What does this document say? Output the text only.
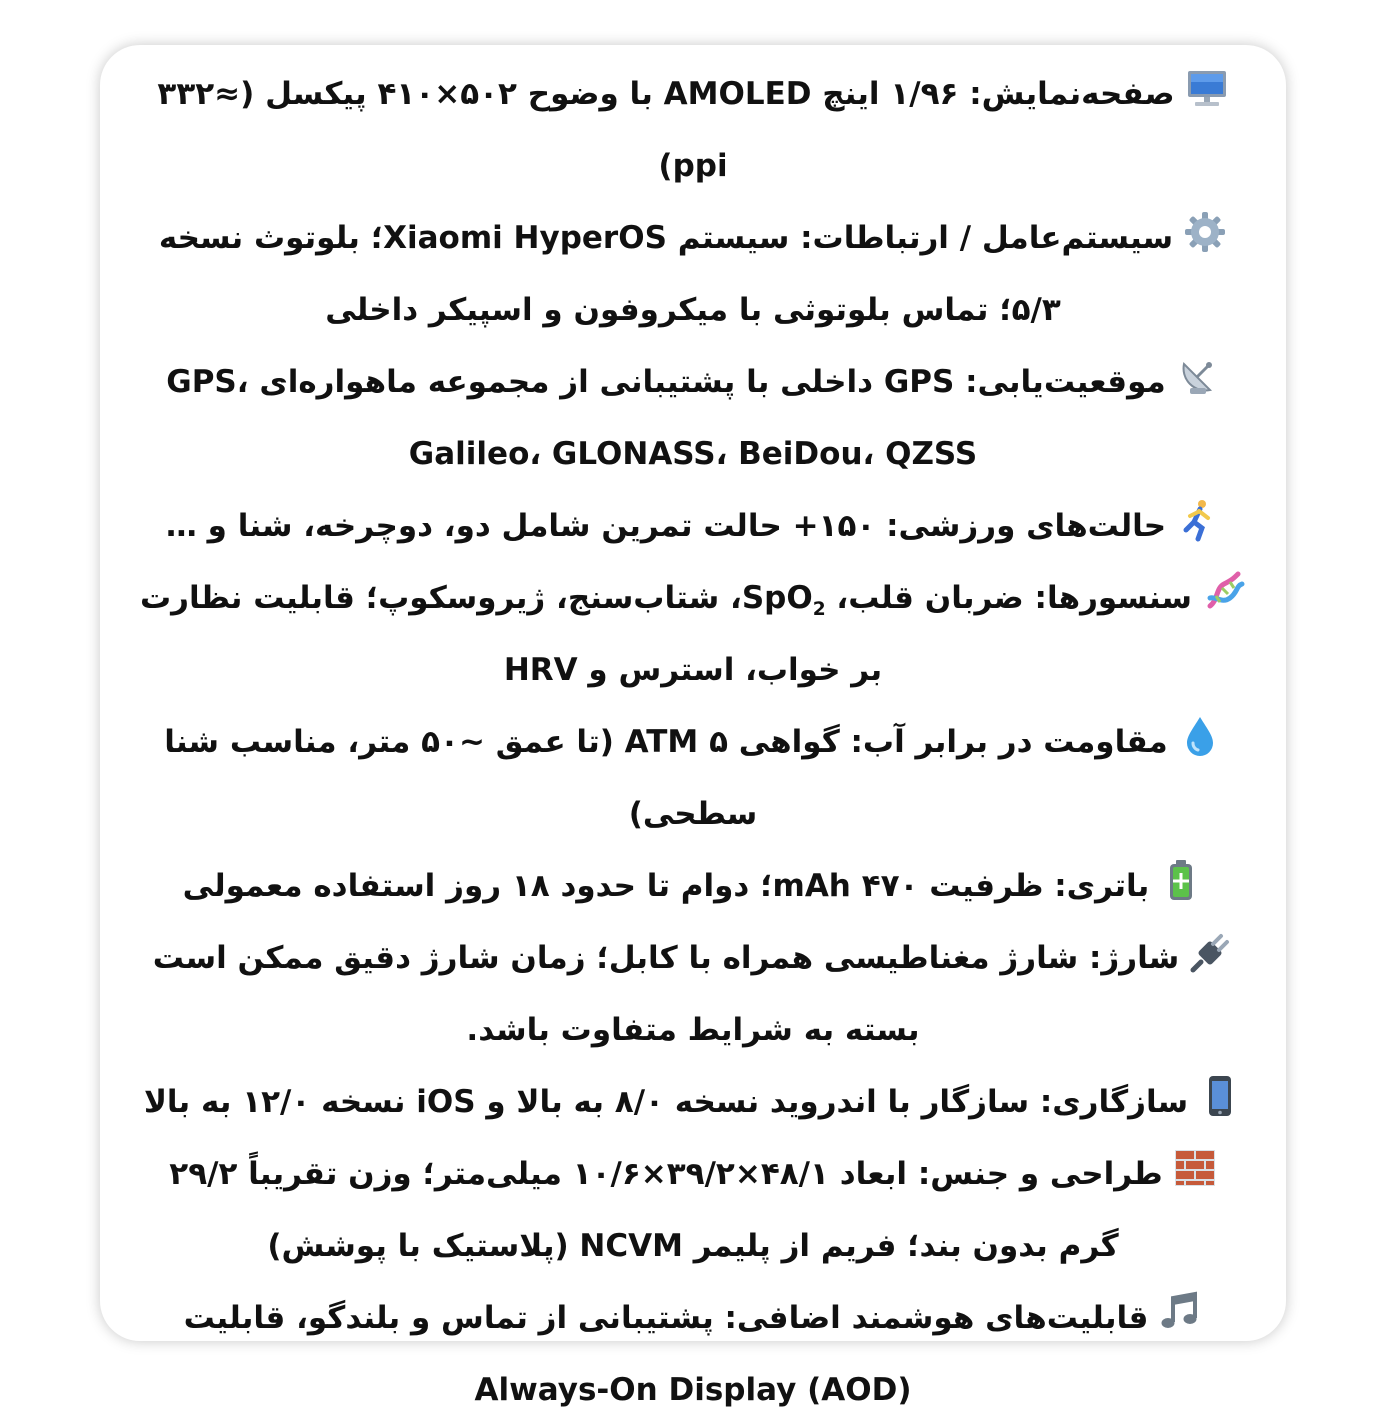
صفحه‌نمایش: ۱/۹۶ اینچ AMOLED با وضوح ۵۰۲×۴۱۰ پیکسل (≈۳۳۲ ppi)

سیستم‌عامل / ارتباطات: سیستم Xiaomi HyperOS؛ بلوتوث نسخه ۵/۳؛ تماس بلوتوثی با میکروفون و اسپیکر داخلی

موقعیت‌یابی: GPS داخلی با پشتیبانی از مجموعه ماهواره‌ای GPS، Galileo، GLONASS، BeiDou، QZSS

حالت‌های ورزشی: ۱۵۰+ حالت تمرین شامل دو، دوچرخه، شنا و …

سنسورها: ضربان قلب، SpO$_2$، شتاب‌سنج، ژیروسکوپ؛ قابلیت نظارت بر خواب، استرس و HRV

مقاومت در برابر آب: گواهی ۵ ATM (تا عمق ~۵۰ متر، مناسب شنا سطحی)

باتری: ظرفیت ۴۷۰ mAh؛ دوام تا حدود ۱۸ روز استفاده معمولی

شارژ: شارژ مغناطیسی همراه با کابل؛ زمان شارژ دقیق ممکن است بسته به شرایط متفاوت باشد.

سازگاری: سازگار با اندروید نسخه ۸/۰ به بالا و iOS نسخه ۱۲/۰ به بالا

طراحی و جنس: ابعاد ۴۸/۱×۳۹/۲×۱۰/۶ میلی‌متر؛ وزن تقریباً ۲۹/۲ گرم بدون بند؛ فریم از پلیمر NCVM (پلاستیک با پوشش)

قابلیت‌های هوشمند اضافی: پشتیبانی از تماس و بلندگو، قابلیت Always-On Display (AOD)
